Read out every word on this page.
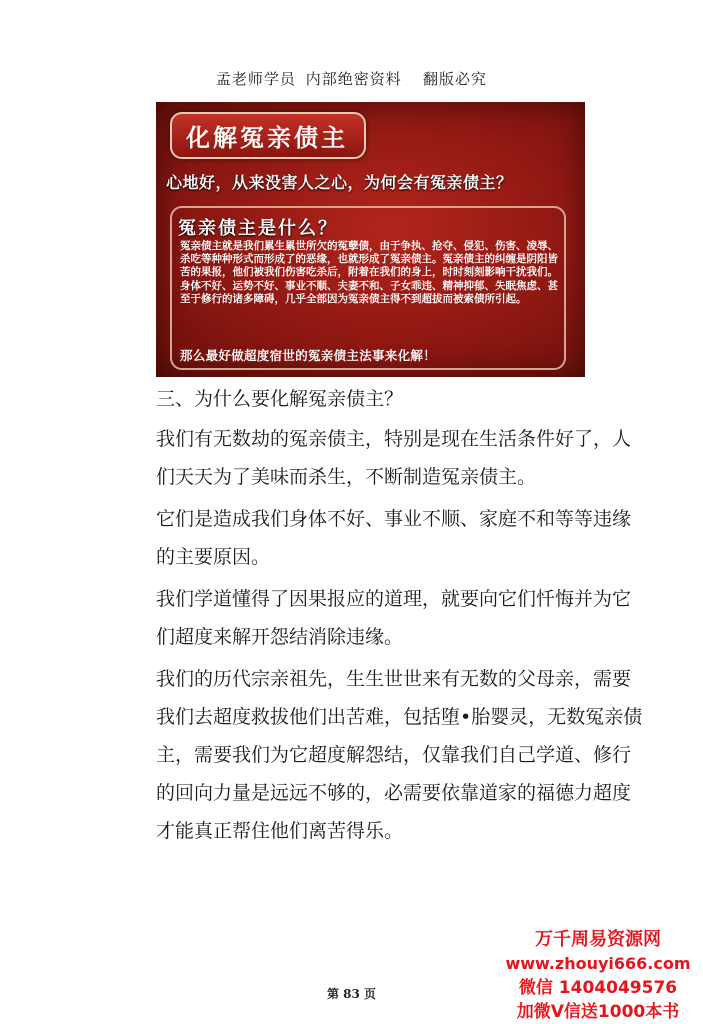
孟老师学员 内部绝密资料 翻版必究
化解冤亲债主
心地好，从来没害人之心，为何会有冤亲债主？
冤亲债主是什么？
冤亲债主就是我们累生累世所欠的冤孽债，由于争执、抢夺、侵犯、伤害、凌辱、杀吃等种种形式而形成了的恶缘，也就形成了冤亲债主。冤亲债主的纠缠是阴阳皆苦的果报，他们被我们伤害吃杀后，附着在我们的身上，时时刻刻影响干扰我们。身体不好、运势不好、事业不顺、夫妻不和、子女乖违、精神抑郁、失眠焦虑、甚至于修行的诸多障碍，几乎全部因为冤亲债主得不到超拔而被索债所引起。
那么最好做超度宿世的冤亲债主法事来化解！

三、为什么要化解冤亲债主？

我们有无数劫的冤亲债主，特别是现在生活条件好了，人们天天为了美味而杀生，不断制造冤亲债主。

它们是造成我们身体不好、事业不顺、家庭不和等等违缘的主要原因。

我们学道懂得了因果报应的道理，就要向它们忏悔并为它们超度来解开怨结消除违缘。

我们的历代宗亲祖先，生生世世来有无数的父母亲，需要我们去超度救拔他们出苦难，包括堕•胎婴灵，无数冤亲债主，需要我们为它超度解怨结，仅靠我们自己学道、修行的回向力量是远远不够的，必需要依靠道家的福德力超度才能真正帮住他们离苦得乐。

第 83 页
万千周易资源网
www.zhouyi666.com
微信 1404049576
加微V信送1000本书
